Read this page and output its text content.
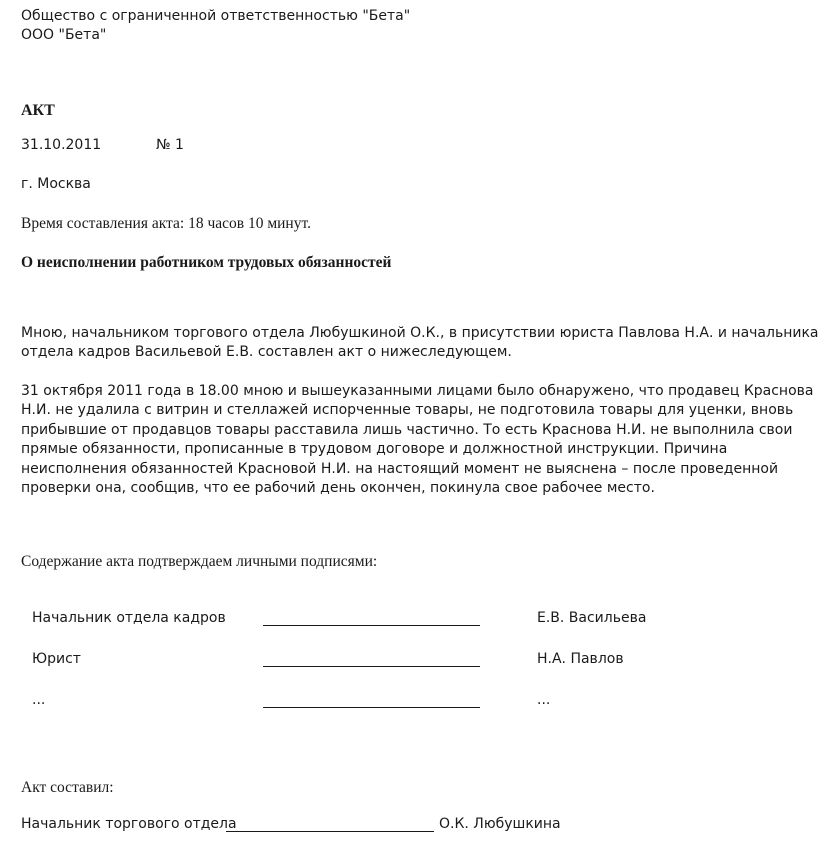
Общество с ограниченной ответственностью "Бета"
ООО "Бета"
АКТ
31.10.2011	№ 1
г. Москва
Время составления акта: 18 часов 10 минут.
О неисполнении работником трудовых обязанностей
Мною, начальником торгового отдела Любушкиной О.К., в присутствии юриста Павлова Н.А. и начальника
отдела кадров Васильевой Е.В. составлен акт о нижеследующем.
31 октября 2011 года в 18.00 мною и вышеуказанными лицами было обнаружено, что продавец Краснова
Н.И. не удалила с витрин и стеллажей испорченные товары, не подготовила товары для уценки, вновь
прибывшие от продавцов товары расставила лишь частично. То есть Краснова Н.И. не выполнила свои
прямые обязанности, прописанные в трудовом договоре и должностной инструкции. Причина
неисполнения обязанностей Красновой Н.И. на настоящий момент не выяснена – после проведенной
проверки она, сообщив, что ее рабочий день окончен, покинула свое рабочее место.
Содержание акта подтверждаем личными подписями:
Начальник отдела кадров	Е.В. Васильева
Юрист	Н.А. Павлов
...	...
Акт составил:
Начальник торгового отдела	О.К. Любушкина
